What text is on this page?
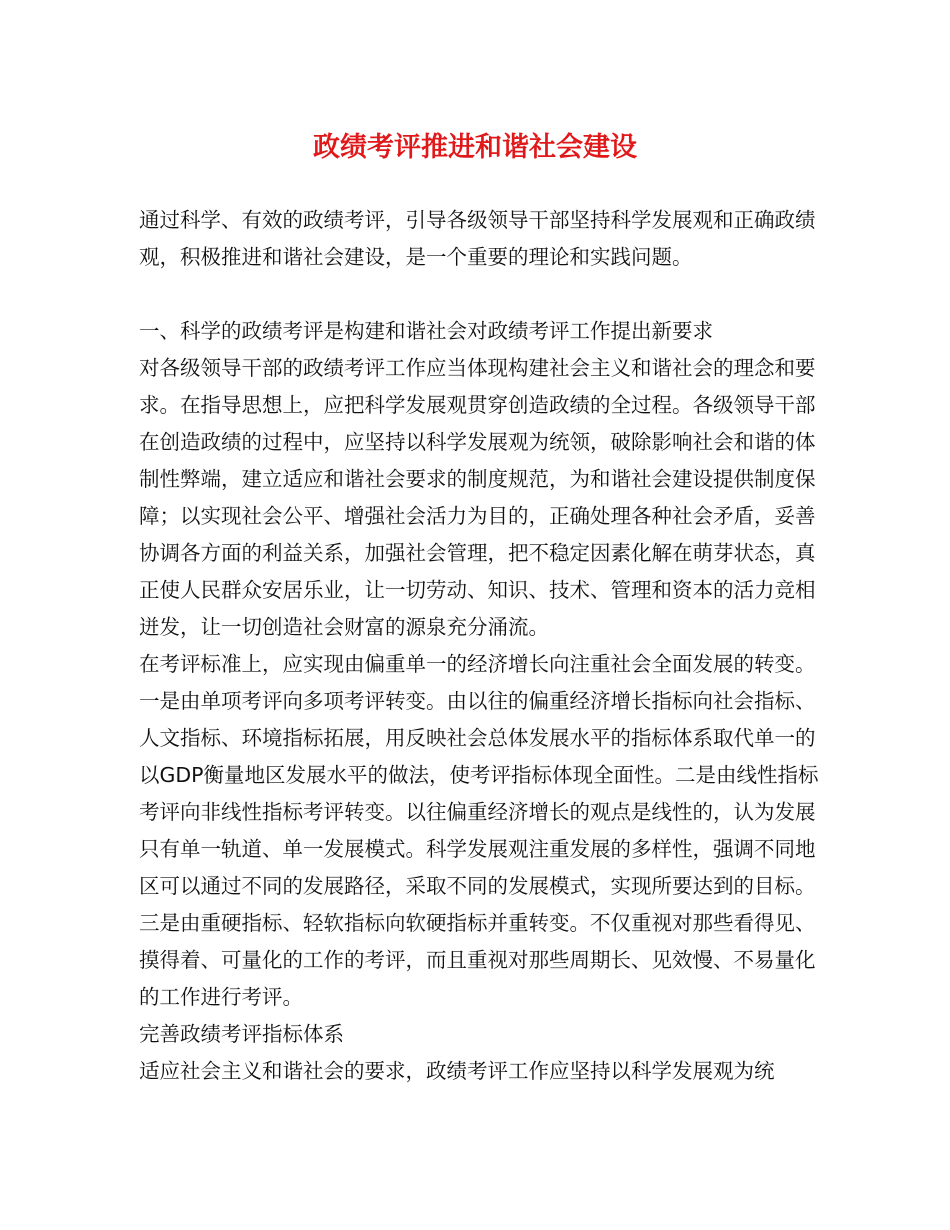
政绩考评推进和谐社会建设

通过科学、有效的政绩考评，引导各级领导干部坚持科学发展观和正确政绩观，积极推进和谐社会建设，是一个重要的理论和实践问题。

一、科学的政绩考评是构建和谐社会对政绩考评工作提出新要求

对各级领导干部的政绩考评工作应当体现构建社会主义和谐社会的理念和要求。在指导思想上，应把科学发展观贯穿创造政绩的全过程。各级领导干部在创造政绩的过程中，应坚持以科学发展观为统领，破除影响社会和谐的体制性弊端，建立适应和谐社会要求的制度规范，为和谐社会建设提供制度保障；以实现社会公平、增强社会活力为目的，正确处理各种社会矛盾，妥善协调各方面的利益关系，加强社会管理，把不稳定因素化解在萌芽状态，真正使人民群众安居乐业，让一切劳动、知识、技术、管理和资本的活力竞相迸发，让一切创造社会财富的源泉充分涌流。

在考评标准上，应实现由偏重单一的经济增长向注重社会全面发展的转变。一是由单项考评向多项考评转变。由以往的偏重经济增长指标向社会指标、人文指标、环境指标拓展，用反映社会总体发展水平的指标体系取代单一的以GDP衡量地区发展水平的做法，使考评指标体现全面性。二是由线性指标考评向非线性指标考评转变。以往偏重经济增长的观点是线性的，认为发展只有单一轨道、单一发展模式。科学发展观注重发展的多样性，强调不同地区可以通过不同的发展路径，采取不同的发展模式，实现所要达到的目标。三是由重硬指标、轻软指标向软硬指标并重转变。不仅重视对那些看得见、摸得着、可量化的工作的考评，而且重视对那些周期长、见效慢、不易量化的工作进行考评。

完善政绩考评指标体系

适应社会主义和谐社会的要求，政绩考评工作应坚持以科学发展观为统
